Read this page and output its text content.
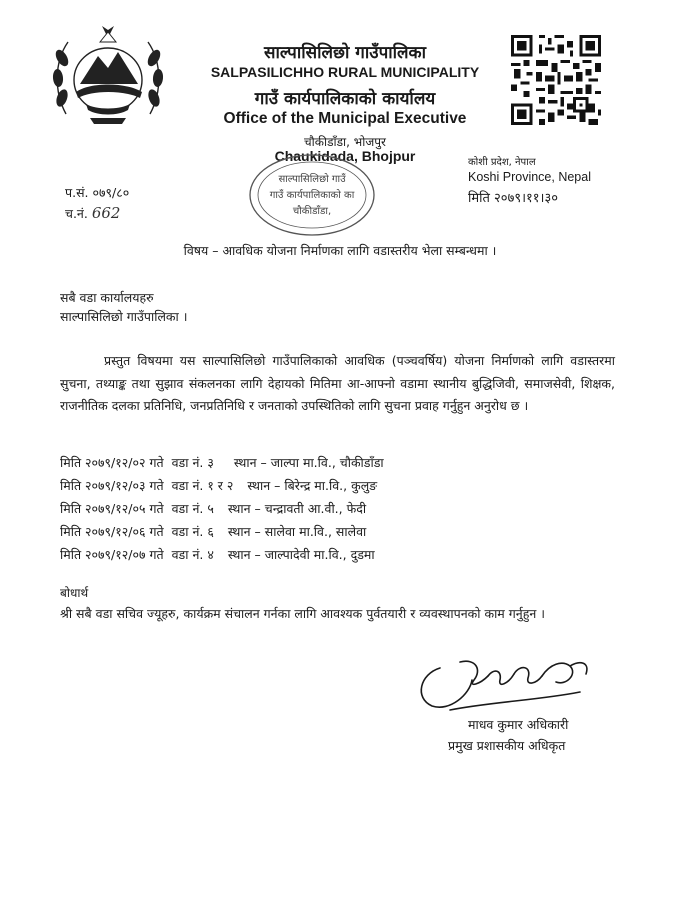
साल्पासिलिछो गाउँपालिका
SALPASILICHHO RURAL MUNICIPALITY
गाउँ कार्यपालिकाको कार्यालय
Office of the Municipal Executive
चौकीडाँडा, भोजपुर
Chaukidada, Bhojpur
साल्पासिलिछो गाउँ
गाउँ कार्यपालिकाको का
चौकीडाँडा,
कोशी प्रदेश, नेपाल
Koshi Province, Nepal
मिति २०७९।११।३०
प.सं. ०७९/८०
च.नं. 662
विषय – आवधिक योजना निर्माणका लागि वडास्तरीय भेला सम्बन्धमा ।
सबै वडा कार्यालयहरु
साल्पासिलिछो गाउँपालिका ।
प्रस्तुत विषयमा यस साल्पासिलिछो गाउँपालिकाको आवधिक (पञ्चवर्षिय) योजना निर्माणको लागि वडास्तरमा सुचना, तथ्याङ्क तथा सुझाव संकलनका लागि देहायको मितिमा आ-आफ्नो वडामा स्थानीय बुद्धिजिवी, समाजसेवी, शिक्षक, राजनीतिक दलका प्रतिनिधि, जनप्रतिनिधि र जनताको उपस्थितिको लागि सुचना प्रवाह गर्नुहुन अनुरोध छ ।
मिति २०७९/१२/०२ गते वडा नं. ३ स्थान – जाल्पा मा.वि., चौकीडाँडा
मिति २०७९/१२/०३ गते वडा नं. १ र २ स्थान – बिरेन्द्र मा.वि., कुलुङ
मिति २०७९/१२/०५ गते वडा नं. ५ स्थान – चन्द्रावती आ.वी., फेदी
मिति २०७९/१२/०६ गते वडा नं. ६ स्थान – सालेवा मा.वि., सालेवा
मिति २०७९/१२/०७ गते वडा नं. ४ स्थान – जाल्पादेवी मा.वि., दुडमा
बोधार्थ
श्री सबै वडा सचिव ज्यूहरु, कार्यक्रम संचालन गर्नका लागि आवश्यक पुर्वतयारी र व्यवस्थापनको काम गर्नुहुन ।
माधव कुमार अधिकारी
प्रमुख प्रशासकीय अधिकृत
